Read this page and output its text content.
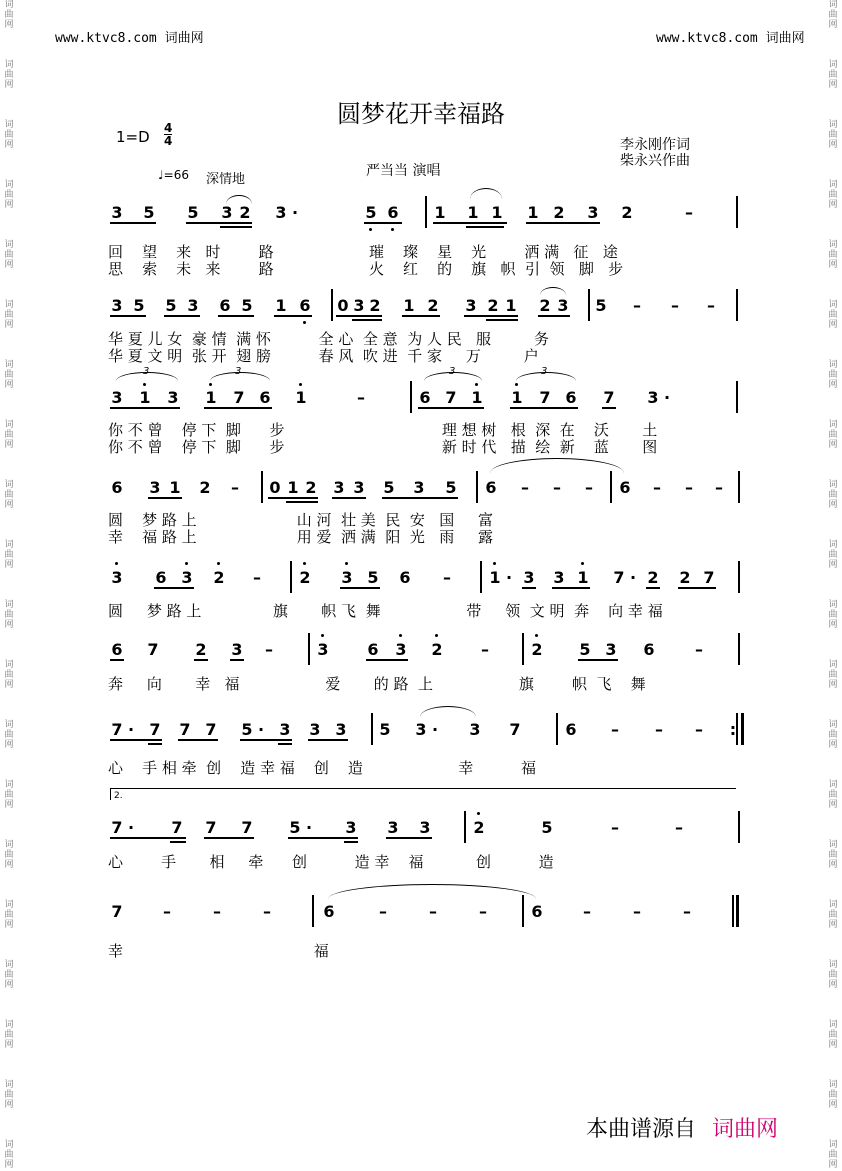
词
曲
网
词
曲
网
词
曲
网
词
曲
网
词
曲
网
词
曲
网
词
曲
网
词
曲
网
词
曲
网
词
曲
网
词
曲
网
词
曲
网
词
曲
网
词
曲
网
词
曲
网
词
曲
网
词
曲
网
词
曲
网
词
曲
网
词
曲
网
词
曲
网
词
曲
网
词
曲
网
词
曲
网
词
曲
网
词
曲
网
词
曲
网
词
曲
网
词
曲
网
词
曲
网
词
曲
网
词
曲
网
词
曲
网
词
曲
网
词
曲
网
词
曲
网
词
曲
网
词
曲
网
词
曲
网
词
曲
网
www.ktvc8.com 词曲网	www.ktvc8.com 词曲网
圆梦花开幸福路
1=D 4
4	李永刚作词
柴永兴作曲
严当当 演唱
♩=66 深情地
3 5 5 3 2 3 ·	5 6 1 1 1 1 2 3 2	–
回    望    来   时        路                    璀    璨    星    光        洒 满   征   途
思    索    未   来        路                    火    红    的    旗   帜  引  领   脚   步
3 5 5 3 6 5 1 6 0 3 2 1 2 3 2 1 2 3 5 – – –
华 夏 儿 女  豪 情  满 怀          全 心  全 意  为 人 民   服         务
华 夏 文 明  张 开  翅 膀          春 风  吹 进  千 家     万         户
3 1 3 1 7 6 1	–	6 7 1 1 7 6 7 3 ·
3	3	3	3
你 不 曾    停 下  脚      步                                 理 想 树   根  深  在    沃       土
你 不 曾    停 下  脚      步                                 新 时 代   描  绘  新    蓝       图
6 3 1 2 – 0 1 2 3 3 5 3 5 6 – – – 6 – – –
圆    梦 路 上                     山 河  壮 美  民  安   国     富
幸    福 路 上                     用 爱  洒 满  阳  光   雨     露
3 6 3 2 – 2 3 5 6 – 1 · 3 3 1 7 · 2 2 7
圆     梦 路 上               旗       帜 飞  舞                  带     领  文 明  奔    向 幸 福
6 7 2 3 –	3 6 3 2 –	2 5 3 6	–
奔     向       幸   福                  爱       的 路  上                  旗        帜  飞    舞
7 · 7 7 7 5 · 3 3 3 5 3 · 3 7	6 – – – :
心    手 相 牵  创    造 幸 福    创    造                    幸          福
2.
7 · 7 7 7 5 · 3 3 3	2	5	–	–
心        手       相     牵      创          造 幸    福           创          造
7	–	–	–	6	–	–	–	6	–	–	–
幸                                        福
本曲谱源自 词曲网
